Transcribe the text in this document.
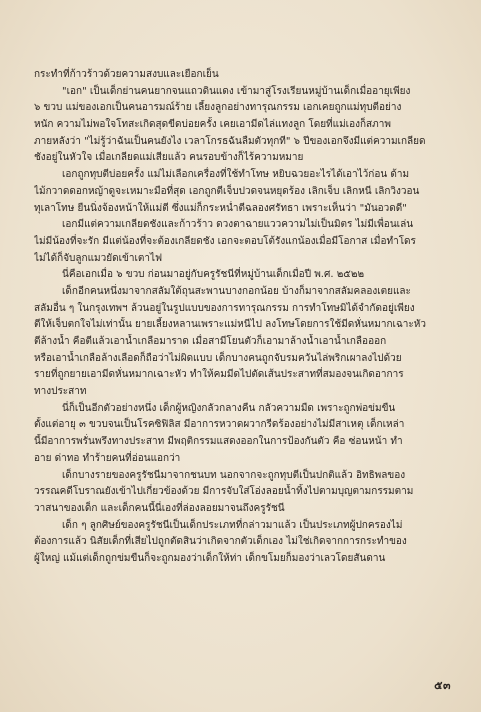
กระทำที่ก้าวร้าวด้วยความสงบและเยือกเย็น
"เอก" เป็นเด็กย่านคนยากจนแถวดินแดง เข้ามาสู่โรงเรียนหมู่บ้านเด็กเมื่ออายุเพียง
๖ ขวบ แม่ของเอกเป็นคนอารมณ์ร้าย เลี้ยงลูกอย่างทารุณกรรม เอกเคยถูกแม่ทุบตีอย่าง
หนัก ความไม่พอใจโทสะเกิดสุดขีดบ่อยครั้ง เคยเอามีดไล่แทงลูก โดยที่แม่เองก็สภาพ
ภายหลังว่า "ไม่รู้ว่าฉันเป็นคนยังไง เวลาโกรธฉันลืมตัวทุกที" ๖ ปีของเอกจึงมีแต่ความเกลียด
ชังอยู่ในหัวใจ เมื่อเกลียดแม่เสียแล้ว คนรอบข้างก็ไร้ความหมาย
เอกถูกทุบตีบ่อยครั้ง แม่ไม่เลือกเครื่องที่ใช้ทำโทษ หยิบฉวยอะไรได้เอาไว้ก่อน ด้าม
ไม้กวาดดอกหญ้าดูจะเหมาะมือที่สุด เอกถูกตีเจ็บปวดจนหยุดร้อง เลิกเจ็บ เลิกหนี เลิกวิงวอน
ทุเลาโทษ ยืนนิ่งจ้องหน้าให้แม่ตี ซึ่งแม่ก็กระหน่ำตีฉลองศรัทธา เพราะเห็นว่า "มันอวดดี"
เอกมีแต่ความเกลียดชังและก้าวร้าว ดวงตาฉายแววความไม่เป็นมิตร ไม่มีเพื่อนเล่น
ไม่มีน้องที่จะรัก มีแต่น้องที่จะต้องเกลียดชัง เอกจะตอบโต้รังแกน้องเมื่อมีโอกาส เมื่อทำโดร
ไม่ได้ก็จับลูกแมวยัดเข้าเตาไฟ
นี่คือเอกเมื่อ ๖ ขวบ ก่อนมาอยู่กับครูรัชนีที่หมู่บ้านเด็กเมื่อปี พ.ศ. ๒๕๒๒
เด็กอีกคนหนึ่งมาจากสลัมใต้ถุนสะพานบางกอกน้อย บ้างก็มาจากสลัมคลองเตยและ
สลัมอื่น ๆ ในกรุงเทพฯ ล้วนอยู่ในรูปแบบของการทารุณกรรม การทำโทษมิได้จำกัดอยู่เพียง
ตีให้เจ็บตกใจไม่เท่านั้น ยายเลี้ยงหลานเพราะแม่หนีไป ลงโทษโดยการใช้มีดหั่นหมากเฉาะหัว
ตีล้างน้ำ คือตีแล้วเอาน้ำเกลือมาราด เมื่อสามีโยนตัวก็เอามาล้างน้ำเอาน้ำเกลือออก
หรือเอาน้ำเกลือล้างเลือดก็ถือว่าไม่ผิดแบบ เด็กบางคนถูกจับรมควันไล่พริกเผาลงไปด้วย
รายที่ถูกยายเอามีดหั่นหมากเฉาะหัว ทำให้คมมีดไปตัดเส้นประสาทที่สมองจนเกิดอาการ
ทางประสาท
นี่ก็เป็นอีกตัวอย่างหนึ่ง เด็กผู้หญิงกลัวกลางคืน กลัวความมืด เพราะถูกพ่อข่มขืน
ตั้งแต่อายุ ๓ ขวบจนเป็นโรคซิฟิลิส มีอาการหวาดผวากรีดร้องอย่างไม่มีสาเหตุ เด็กเหล่า
นี้มีอาการพรั่นพรึงทางประสาท มีพฤติกรรมแสดงออกในการป้องกันตัว คือ ซ่อนหน้า ทำ
อาย ด่าทอ ทำร้ายคนที่อ่อนแอกว่า
เด็กบางรายของครูรัชนีมาจากชนบท นอกจากจะถูกทุบตีเป็นปกติแล้ว อิทธิพลของ
วรรณคดีโบราณยังเข้าไปเกี่ยวข้องด้วย มีการจับใส่โอ่งลอยน้ำทิ้งไปตามบุญตามกรรมตาม
วาสนาของเด็ก และเด็กคนนี้นี่เองที่ล่องลอยมาจนถึงครูรัชนี
เด็ก ๆ ลูกศิษย์ของครูรัชนีเป็นเด็กประเภทที่กล่าวมาแล้ว เป็นประเภทผู้ปกครองไม่
ต้องการแล้ว นิสัยเด็กที่เสียไปถูกตัดสินว่าเกิดจากตัวเด็กเอง ไม่ใช่เกิดจากการกระทำของ
ผู้ใหญ่ แม้แต่เด็กถูกข่มขืนก็จะถูกมองว่าเด็กให้ท่า เด็กขโมยก็มองว่าเลวโดยสันดาน
๕๓
